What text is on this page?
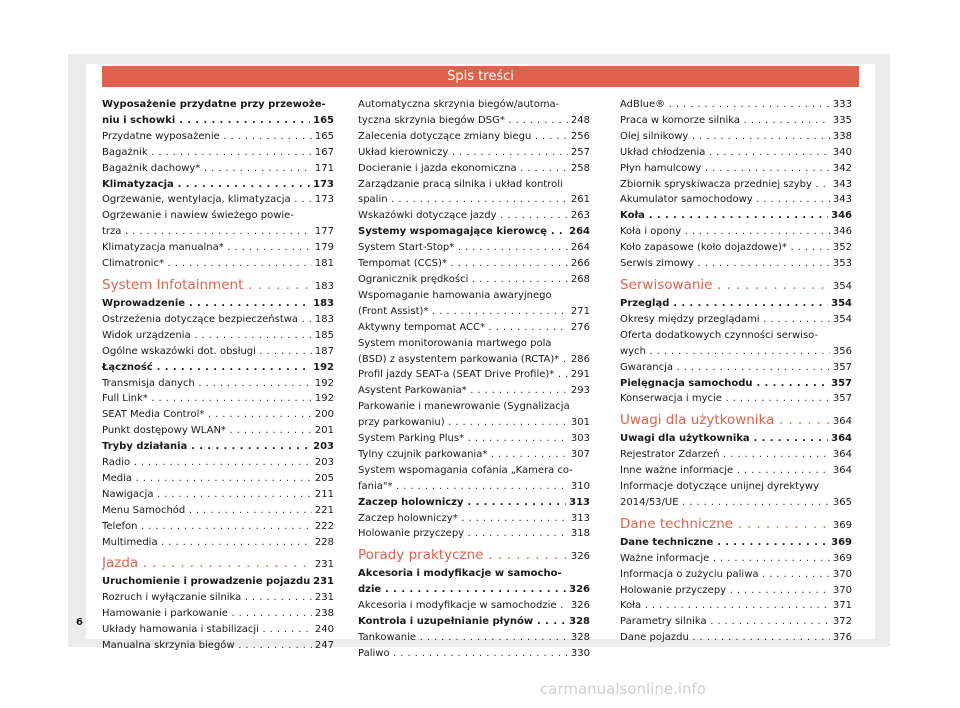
Spis treści
Wyposażenie przydatne przy przewoże-
niu i schowki . . .	165
Przydatne wyposażenie . . .	165
Bagażnik . . .	167
Bagażnik dachowy* . . .	171
Klimatyzacja . . .	173
Ogrzewanie, wentylacja, klimatyzacja . . .	173
Ogrzewanie i nawiew świeżego powie-
trza . . .	177
Klimatyzacja manualna* . . .	179
Climatronic* . . .	181
System Infotainment . . .	183
Wprowadzenie . . .	183
Ostrzeżenia dotyczące bezpieczeństwa . . .	183
Widok urządzenia . . .	185
Ogólne wskazówki dot. obsługi . . .	187
Łączność . . .	192
Transmisja danych . . .	192
Full Link* . . .	192
SEAT Media Control* . . .	200
Punkt dostępowy WLAN* . . .	201
Tryby działania . . .	203
Radio . . .	203
Media . . .	205
Nawigacja . . .	211
Menu Samochód . . .	221
Telefon . . .	222
Multimedia . . .	228
Jazda . . .	231
Uruchomienie i prowadzenie pojazdu . . . 231
Rozruch i wyłączanie silnika . . .	231
Hamowanie i parkowanie . . .	238
Układy hamowania i stabilizacji . . .	240
Manualna skrzynia biegów . . .	247
Automatyczna skrzynia biegów/automa-
tyczna skrzynia biegów DSG* . . .	248
Zalecenia dotyczące zmiany biegu . . .	256
Układ kierowniczy . . .	257
Docieranie i jazda ekonomiczna . . .	258
Zarządzanie pracą silnika i układ kontroli
spalin . . .	261
Wskazówki dotyczące jazdy . . .	263
Systemy wspomagające kierowcę . . .	264
System Start-Stop* . . .	264
Tempomat (CCS)* . . .	266
Ogranicznik prędkości . . .	268
Wspomaganie hamowania awaryjnego
(Front Assist)* . . .	271
Aktywny tempomat ACC* . . .	276
System monitorowania martwego pola
(BSD) z asystentem parkowania (RCTA)* . . .	286
Profil jazdy SEAT-a (SEAT Drive Profile)* . . .	291
Asystent Parkowania* . . .	293
Parkowanie i manewrowanie (Sygnalizacja
przy parkowaniu) . . .	301
System Parking Plus* . . .	303
Tylny czujnik parkowania* . . .	307
System wspomagania cofania „Kamera co-
fania"* . . .	310
Zaczep holowniczy . . .	313
Zaczep holowniczy* . . .	313
Holowanie przyczepy . . .	318
Porady praktyczne . . .	326
Akcesoria i modyfikacje w samocho-
dzie . . .	326
Akcesoria i modyfikacje w samochodzie . . .	326
Kontrola i uzupełnianie płynów . . .	328
Tankowanie . . .	328
Paliwo . . .	330
AdBlue® . . .	333
Praca w komorze silnika . . .	335
Olej silnikowy . . .	338
Układ chłodzenia . . .	340
Płyn hamulcowy . . .	342
Zbiornik spryskiwacza przedniej szyby . . .	343
Akumulator samochodowy . . .	343
Koła . . .	346
Koła i opony . . .	346
Koło zapasowe (koło dojazdowe)* . . .	352
Serwis zimowy . . .	353
Serwisowanie . . .	354
Przegląd . . .	354
Okresy między przeglądami . . .	354
Oferta dodatkowych czynności serwiso-
wych . . .	356
Gwarancja . . .	357
Pielęgnacja samochodu . . .	357
Konserwacja i mycie . . .	357
Uwagi dla użytkownika . . .	364
Uwagi dla użytkownika . . .	364
Rejestrator Zdarzeń . . .	364
Inne ważne informacje . . .	364
Informacje dotyczące unijnej dyrektywy
2014/53/UE . . .	365
Dane techniczne . . .	369
Dane techniczne . . .	369
Ważne informacje . . .	369
Informacja o zużyciu paliwa . . .	370
Holowanie przyczepy . . .	370
Koła . . .	371
Parametry silnika . . .	372
Dane pojazdu . . .	376
6
carmanualsonline.info
